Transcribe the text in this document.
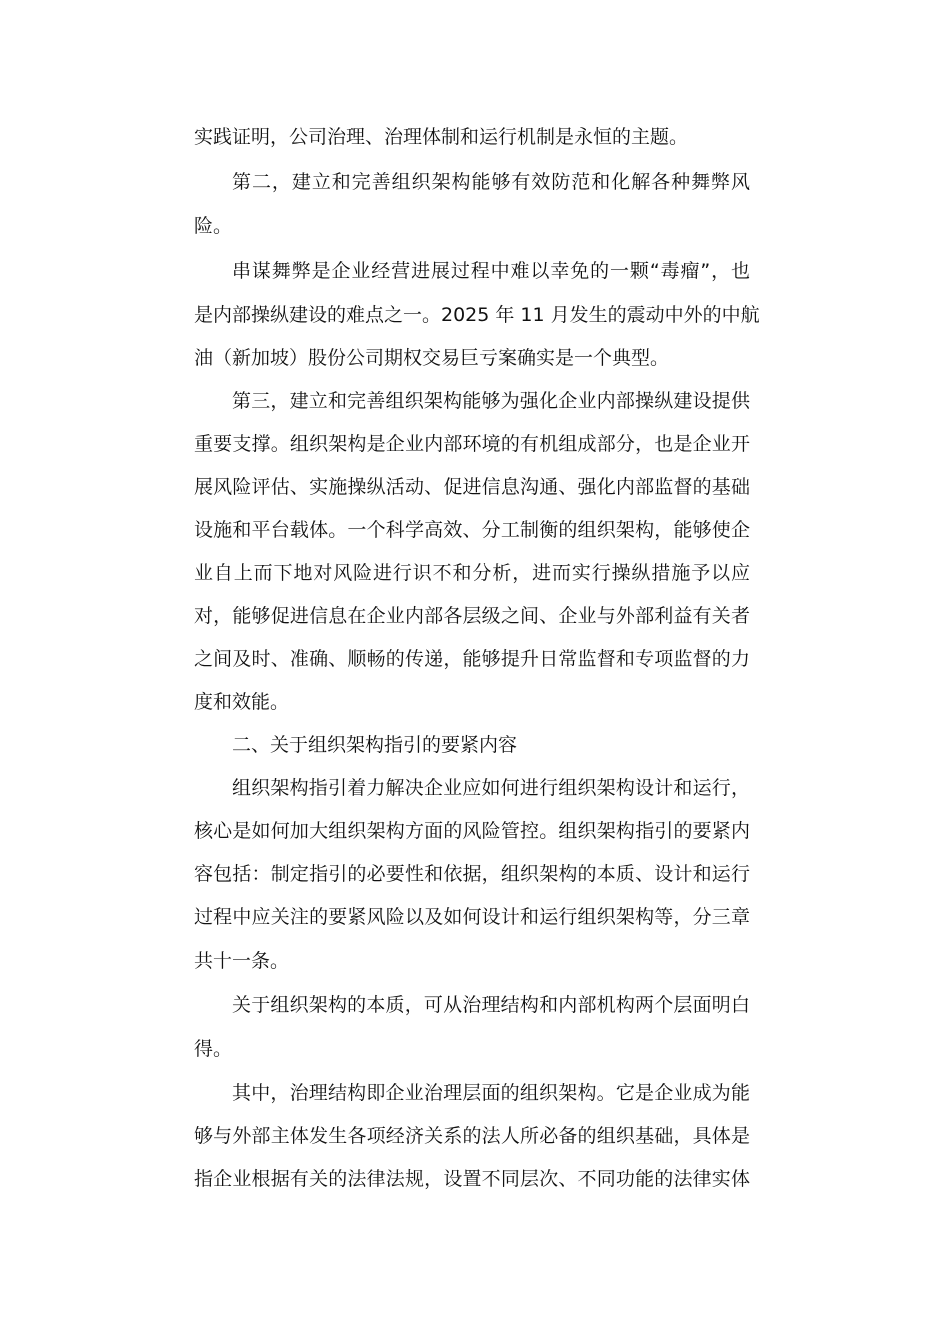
实践证明，公司治理、治理体制和运行机制是永恒的主题。
第二，建立和完善组织架构能够有效防范和化解各种舞弊风
险。
串谋舞弊是企业经营进展过程中难以幸免的一颗“毒瘤”，也
是内部操纵建设的难点之一。2025 年 11 月发生的震动中外的中航
油（新加坡）股份公司期权交易巨亏案确实是一个典型。
第三，建立和完善组织架构能够为强化企业内部操纵建设提供
重要支撑。组织架构是企业内部环境的有机组成部分，也是企业开
展风险评估、实施操纵活动、促进信息沟通、强化内部监督的基础
设施和平台载体。一个科学高效、分工制衡的组织架构，能够使企
业自上而下地对风险进行识不和分析，进而实行操纵措施予以应
对，能够促进信息在企业内部各层级之间、企业与外部利益有关者
之间及时、准确、顺畅的传递，能够提升日常监督和专项监督的力
度和效能。
二、关于组织架构指引的要紧内容
组织架构指引着力解决企业应如何进行组织架构设计和运行，
核心是如何加大组织架构方面的风险管控。组织架构指引的要紧内
容包括：制定指引的必要性和依据，组织架构的本质、设计和运行
过程中应关注的要紧风险以及如何设计和运行组织架构等，分三章
共十一条。
关于组织架构的本质，可从治理结构和内部机构两个层面明白
得。
其中，治理结构即企业治理层面的组织架构。它是企业成为能
够与外部主体发生各项经济关系的法人所必备的组织基础，具体是
指企业根据有关的法律法规，设置不同层次、不同功能的法律实体
